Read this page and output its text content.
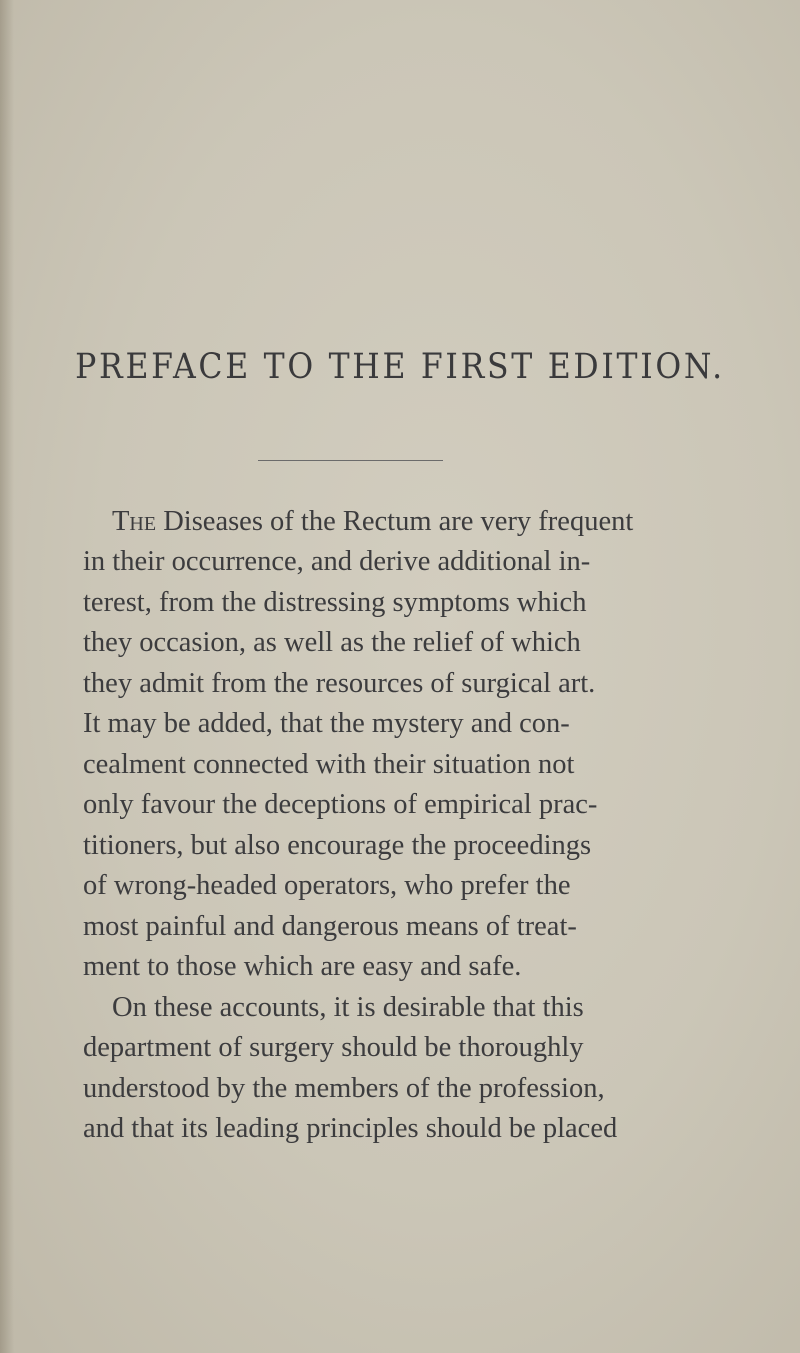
PREFACE TO THE FIRST EDITION.
The Diseases of the Rectum are very frequent
in their occurrence, and derive additional in-
terest, from the distressing symptoms which
they occasion, as well as the relief of which
they admit from the resources of surgical art.
It may be added, that the mystery and con-
cealment connected with their situation not
only favour the deceptions of empirical prac-
titioners, but also encourage the proceedings
of wrong-headed operators, who prefer the
most painful and dangerous means of treat-
ment to those which are easy and safe.
On these accounts, it is desirable that this
department of surgery should be thoroughly
understood by the members of the profession,
and that its leading principles should be placed
